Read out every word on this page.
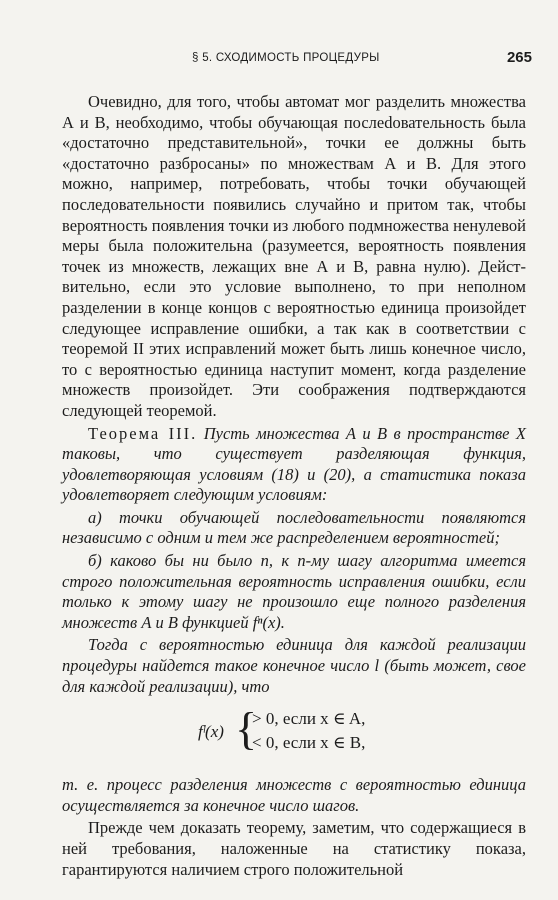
§ 5. СХОДИМОСТЬ ПРОЦЕДУРЫ	265

Очевидно, для того, чтобы автомат мог разделить множества А и В, необходимо, чтобы обучающая послеdовательность была «достаточно представительной», точки ее должны быть «достаточно разбросаны» по множествам А и В. Для этого можно, например, потребовать, чтобы точки обучающей последовательности появились случайно и притом так, чтобы вероятность появления точки из любого подмножества ненулевой меры была положительна (разумеется, вероятность появления точек из множеств, лежащих вне А и В, равна нулю). Действительно, если это условие выполнено, то при неполном разделении в конце концов с вероятностью единица произойдет следующее исправление ошибки, а так как в соответствии с теоремой II этих исправлений может быть лишь конечное число, то с вероятностью единица наступит момент, когда разделение множеств произойдет. Эти соображения подтверждаются следующей теоремой.

Теорема III. Пусть множества А и В в пространстве X таковы, что существует разделяющая функция, удовлетворяющая условиям (18) и (20), а статистика показа удовлетворяет следующим условиям:

а) точки обучающей последовательности появляются независимо с одним и тем же распределением вероятностей;

б) каково бы ни было n, к n-му шагу алгоритма имеется строго положительная вероятность исправления ошибки, если только к этому шагу не произошло еще полного разделения множеств А и В функцией fⁿ(x).

Тогда с вероятностью единица для каждой реализации процедуры найдется такое конечное число l (быть может, свое для каждой реализации), что

fˡ(x) {
> 0, если x ∈ A,
< 0, если x ∈ B,

т. е. процесс разделения множеств с вероятностью единица осуществляется за конечное число шагов.

Прежде чем доказать теорему, заметим, что содержащиеся в ней требования, наложенные на статистику показа, гарантируются наличием строго положительной
